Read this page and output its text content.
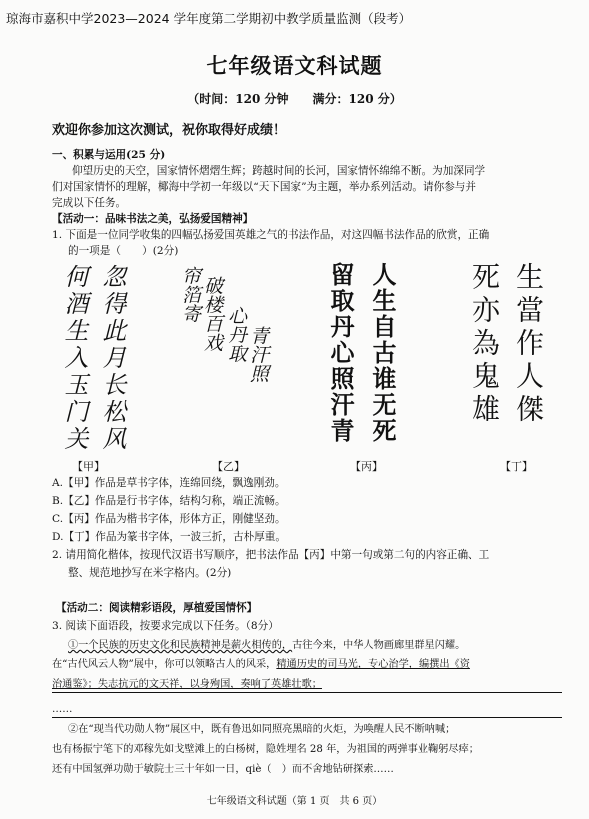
琼海市嘉积中学2023—2024 学年度第二学期初中教学质量监测（段考）
七年级语文科试题
（时间：120 分钟　　满分：120 分）
欢迎你参加这次测试，祝你取得好成绩！
一、积累与运用(25 分)
仰望历史的天空，国家情怀熠熠生辉；跨越时间的长河，国家情怀绵绵不断。为加深同学
们对国家情怀的理解，椰海中学初一年级以“天下国家”为主题，举办系列活动。请你参与并
完成以下任务。
【活动一：品味书法之美，弘扬爱国精神】
1. 下面是一位同学收集的四幅弘扬爱国英雄之气的书法作品，对这四幅书法作品的欣赏，正确
的一项是（　　）(2分)
何酒生入玉门关 忽得此月长松风	帘箔寄 破楼百戏 心丹取 青汗照 留取丹心照汗青 人生自古谁无死	死亦為鬼雄 生當作人傑
【甲】	【乙】	【丙】	【丁】
A.【甲】作品是草书字体，连绵回绕，飘逸刚劲。
B.【乙】作品是行书字体，结构匀称，端正流畅。
C.【丙】作品为楷书字体，形体方正，刚健坚劲。
D.【丁】作品为篆书字体，一波三折，古朴厚重。
2. 请用简化楷体，按现代汉语书写顺序，把书法作品【丙】中第一句或第二句的内容正确、工
整、规范地抄写在米字格内。(2分)
【活动二：阅读精彩语段，厚植爱国情怀】
3. 阅读下面语段，按要求完成以下任务。（8分）
①一个民族的历史文化和民族精神是薪火相传的，古往今来，中华人物画廊里群星闪耀。
在“古代风云人物”展中，你可以领略古人的风采，精通历史的司马光，专心治学，编撰出《资
治通鉴》；失志抗元的文天祥，以身殉国，奏响了英雄壮歌；
……
②在“现当代功勋人物”展区中，既有鲁迅如同照亮黑暗的火炬，为唤醒人民不断呐喊；
也有杨振宁笔下的邓稼先如戈壁滩上的白杨树，隐姓埋名 28 年，为祖国的两弹事业鞠躬尽瘁；
还有中国氢弹功勋于敏院士三十年如一日，qiè（　）而不舍地钻研探索……
七年级语文科试题（第 1 页　共 6 页）
